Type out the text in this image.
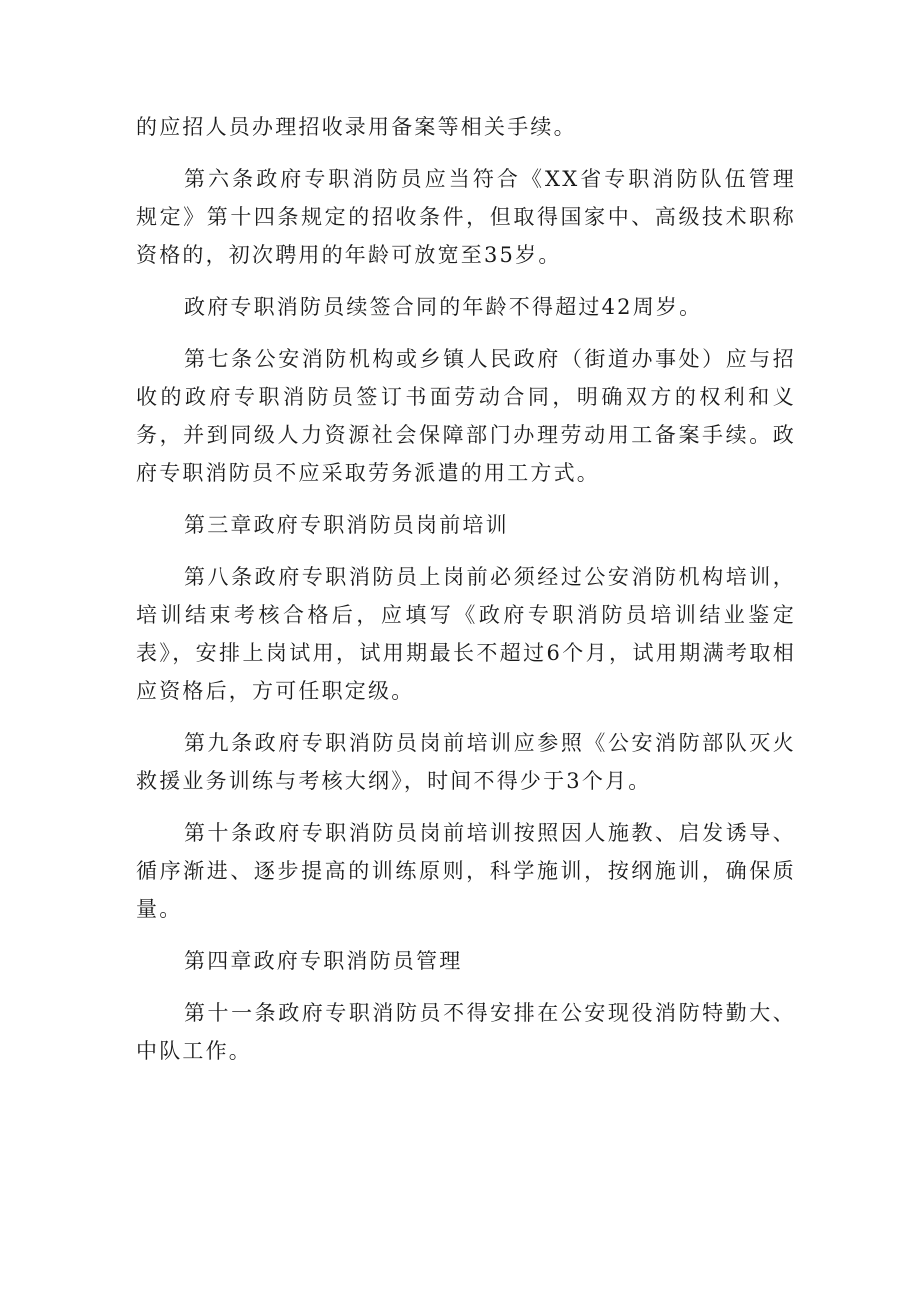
的应招人员办理招收录用备案等相关手续。

第六条政府专职消防员应当符合《XX省专职消防队伍管理规定》第十四条规定的招收条件，但取得国家中、高级技术职称资格的，初次聘用的年龄可放宽至35岁。

政府专职消防员续签合同的年龄不得超过42周岁。

第七条公安消防机构或乡镇人民政府（街道办事处）应与招收的政府专职消防员签订书面劳动合同，明确双方的权利和义务，并到同级人力资源社会保障部门办理劳动用工备案手续。政府专职消防员不应采取劳务派遣的用工方式。

第三章政府专职消防员岗前培训

第八条政府专职消防员上岗前必须经过公安消防机构培训，培训结束考核合格后，应填写《政府专职消防员培训结业鉴定表》，安排上岗试用，试用期最长不超过6个月，试用期满考取相应资格后，方可任职定级。

第九条政府专职消防员岗前培训应参照《公安消防部队灭火救援业务训练与考核大纲》，时间不得少于3个月。

第十条政府专职消防员岗前培训按照因人施教、启发诱导、循序渐进、逐步提高的训练原则，科学施训，按纲施训，确保质量。

第四章政府专职消防员管理

第十一条政府专职消防员不得安排在公安现役消防特勤大、中队工作。
